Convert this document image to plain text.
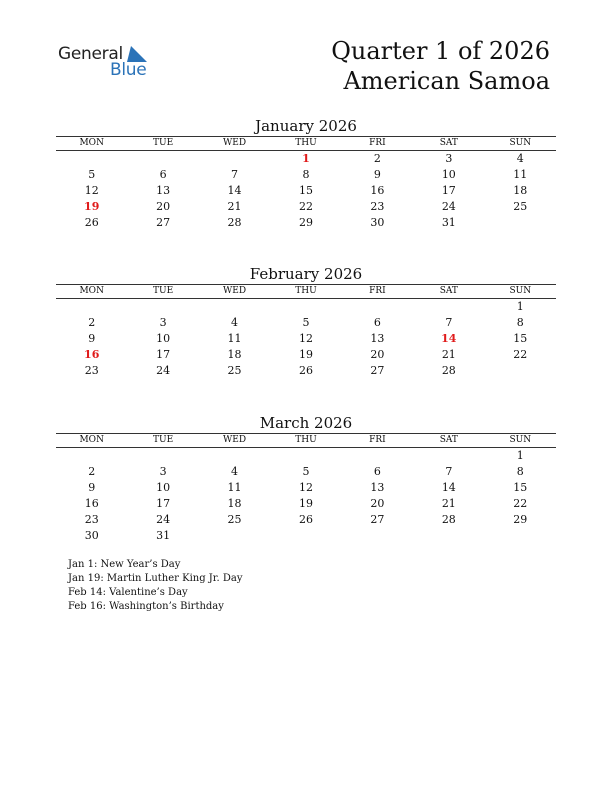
General
Blue
Quarter 1 of 2026
American Samoa
January 2026
MON	TUE	WED	THU	FRI	SAT	SUN
			1	2	3	4
5	6	7	8	9	10	11
12	13	14	15	16	17	18
19	20	21	22	23	24	25
26	27	28	29	30	31	
February 2026
MON	TUE	WED	THU	FRI	SAT	SUN
						1
2	3	4	5	6	7	8
9	10	11	12	13	14	15
16	17	18	19	20	21	22
23	24	25	26	27	28	
March 2026
MON	TUE	WED	THU	FRI	SAT	SUN
						1
2	3	4	5	6	7	8
9	10	11	12	13	14	15
16	17	18	19	20	21	22
23	24	25	26	27	28	29
30	31					
Jan 1: New Year’s Day
Jan 19: Martin Luther King Jr. Day
Feb 14: Valentine’s Day
Feb 16: Washington’s Birthday
